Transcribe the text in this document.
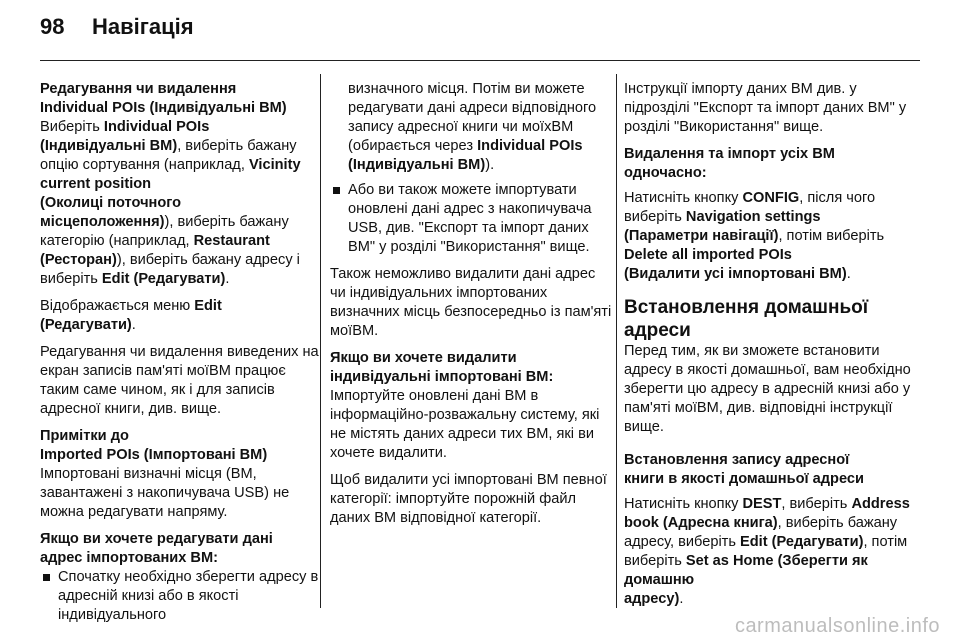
98	Навігація
Редагування чи видалення
Individual POIs (Індивідуальні ВМ)

Виберіть Individual POIs
(Індивідуальні ВМ), виберіть бажану опцію сортування (наприклад, Vicinity current position
(Околиці поточного
місцеположення)), виберіть бажану категорію (наприклад, Restaurant
(Ресторан)), виберіть бажану адресу і виберіть Edit (Редагувати).

Відображається меню Edit
(Редагувати).

Редагування чи видалення виведених на екран записів пам'яті моїВМ працює таким саме чином, як і для записів адресної книги, див. вище.

Примітки до
Imported POIs (Імпортовані ВМ)

Імпортовані визначні місця (ВМ, завантажені з накопичувача USB) не можна редагувати напряму.

Якщо ви хочете редагувати дані
адрес імпортованих ВМ:
Спочатку необхідно зберегти адресу в адресній книзі або в якості індивідуального
визначного місця. Потім ви можете редагувати дані адреси відповідного запису адресної книги чи моїхВМ (обирається через Individual POIs
(Індивідуальні ВМ)).
Або ви також можете імпортувати оновлені дані адрес з накопичувача USB, див. "Експорт та імпорт даних ВМ" у розділі "Використання" вище.

Також неможливо видалити дані адрес чи індивідуальних імпортованих визначних місць безпосередньо із пам'яті моїВМ.

Якщо ви хочете видалити
індивідуальні імпортовані ВМ:

Імпортуйте оновлені дані ВМ в інформаційно-розважальну систему, які не містять даних адреси тих ВМ, які ви хочете видалити.

Щоб видалити усі імпортовані ВМ певної категорії: імпортуйте порожній файл даних ВМ відповідної категорії.

Інструкції імпорту даних ВМ див. у підрозділі "Експорт та імпорт даних ВМ" у розділі "Використання" вище.

Видалення та імпорт усіх ВМ
одночасно:

Натисніть кнопку CONFIG, після чого виберіть Navigation settings
(Параметри навігації), потім виберіть Delete all imported POIs
(Видалити усі імпортовані ВМ).

Встановлення домашньої
адреси

Перед тим, як ви зможете встановити адресу в якості домашньої, вам необхідно зберегти цю адресу в адресній книзі або у пам'яті моїВМ, див. відповідні інструкції вище.

Встановлення запису адресної
книги в якості домашньої адреси

Натисніть кнопку DEST, виберіть Address book (Адресна книга), виберіть бажану адресу, виберіть Edit (Редагувати), потім виберіть Set as Home (Зберегти як домашню
адресу).

carmanualsonline.info
